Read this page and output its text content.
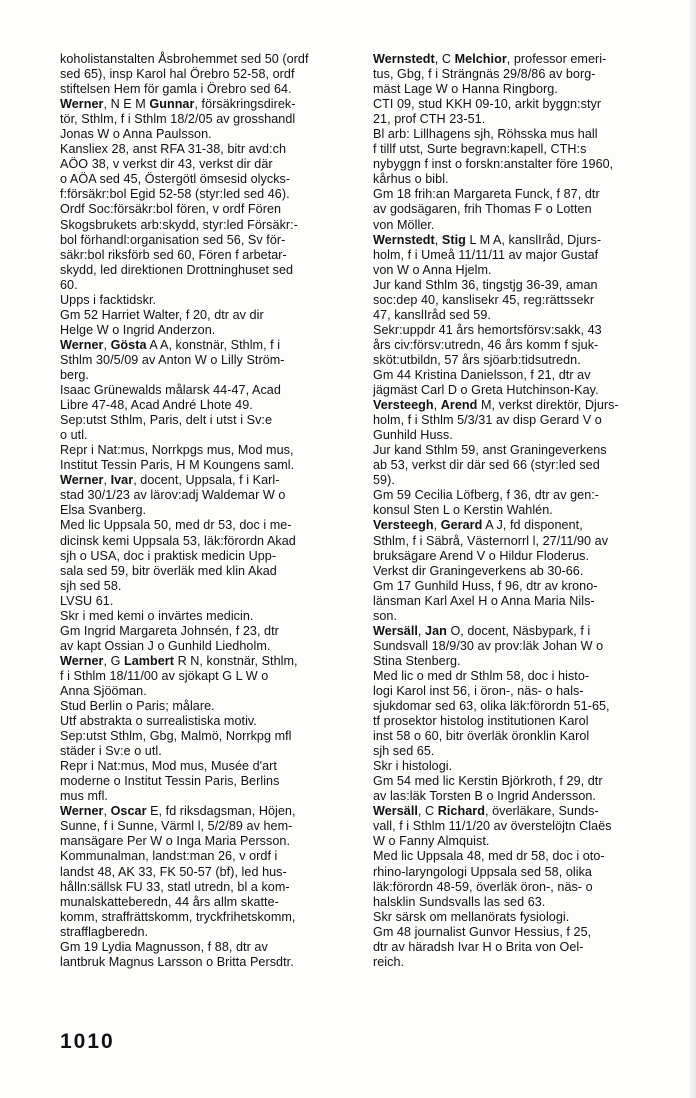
koholistanstalten Åsbrohemmet sed 50 (ordf
sed 65), insp Karol hal Örebro 52-58, ordf
stiftelsen Hem för gamla i Örebro sed 64.
Werner, N E M Gunnar, försäkringsdirek-
tör, Sthlm, f i Sthlm 18/2/05 av grosshandl
Jonas W o Anna Paulsson.
Kansliex 28, anst RFA 31-38, bitr avd:ch
AÖO 38, v verkst dir 43, verkst dir där
o AÖA sed 45, Östergötl ömsesid olycks-
f:försäkr:bol Egid 52-58 (styr:led sed 46).
Ordf Soc:försäkr:bol fören, v ordf Fören
Skogsbrukets arb:skydd, styr:led Försäkr:-
bol förhandl:organisation sed 56, Sv för-
säkr:bol riksförb sed 60, Fören f arbetar-
skydd, led direktionen Drottninghuset sed
60.
Upps i facktidskr.
Gm 52 Harriet Walter, f 20, dtr av dir
Helge W o Ingrid Anderzon.
Werner, Gösta A A, konstnär, Sthlm, f i
Sthlm 30/5/09 av Anton W o Lilly Ström-
berg.
Isaac Grünewalds målarsk 44-47, Acad
Libre 47-48, Acad André Lhote 49.
Sep:utst Sthlm, Paris, delt i utst i Sv:e
o utl.
Repr i Nat:mus, Norrkpgs mus, Mod mus,
Institut Tessin Paris, H M Koungens saml.
Werner, Ivar, docent, Uppsala, f i Karl-
stad 30/1/23 av lärov:adj Waldemar W o
Elsa Svanberg.
Med lic Uppsala 50, med dr 53, doc i me-
dicinsk kemi Uppsala 53, läk:förordn Akad
sjh o USA, doc i praktisk medicin Upp-
sala sed 59, bitr överläk med klin Akad
sjh sed 58.
LVSU 61.
Skr i med kemi o invärtes medicin.
Gm Ingrid Margareta Johnsén, f 23, dtr
av kapt Ossian J o Gunhild Liedholm.
Werner, G Lambert R N, konstnär, Sthlm,
f i Sthlm 18/11/00 av sjökapt G L W o
Anna Sjööman.
Stud Berlin o Paris; målare.
Utf abstrakta o surrealistiska motiv.
Sep:utst Sthlm, Gbg, Malmö, Norrkpg mfl
städer i Sv:e o utl.
Repr i Nat:mus, Mod mus, Musée d'art
moderne o Institut Tessin Paris, Berlins
mus mfl.
Werner, Oscar E, fd riksdagsman, Höjen,
Sunne, f i Sunne, Värml l, 5/2/89 av hem-
mansägare Per W o Inga Maria Persson.
Kommunalman, landst:man 26, v ordf i
landst 48, AK 33, FK 50-57 (bf), led hus-
hålln:sällsk FU 33, statl utredn, bl a kom-
munalskatteberedn, 44 års allm skatte-
komm, straffrättskomm, tryckfrihetskomm,
strafflagberedn.
Gm 19 Lydia Magnusson, f 88, dtr av
lantbruk Magnus Larsson o Britta Persdtr.
Wernstedt, C Melchior, professor emeri-
tus, Gbg, f i Strängnäs 29/8/86 av borg-
mäst Lage W o Hanna Ringborg.
CTI 09, stud KKH 09-10, arkit byggn:styr
21, prof CTH 23-51.
Bl arb: Lillhagens sjh, Röhsska mus hall
f tillf utst, Surte begravn:kapell, CTH:s
nybyggn f inst o forskn:anstalter före 1960,
kårhus o bibl.
Gm 18 frih:an Margareta Funck, f 87, dtr
av godsägaren, frih Thomas F o Lotten
von Möller.
Wernstedt, Stig L M A, kanslIråd, Djurs-
holm, f i Umeå 11/11/11 av major Gustaf
von W o Anna Hjelm.
Jur kand Sthlm 36, tingstjg 36-39, aman
soc:dep 40, kanslisekr 45, reg:rättssekr
47, kanslIråd sed 59.
Sekr:uppdr 41 års hemortsförsv:sakk, 43
års civ:försv:utredn, 46 års komm f sjuk-
sköt:utbildn, 57 års sjöarb:tidsutredn.
Gm 44 Kristina Danielsson, f 21, dtr av
jägmäst Carl D o Greta Hutchinson-Kay.
Versteegh, Arend M, verkst direktör, Djurs-
holm, f i Sthlm 5/3/31 av disp Gerard V o
Gunhild Huss.
Jur kand Sthlm 59, anst Graningeverkens
ab 53, verkst dir där sed 66 (styr:led sed
59).
Gm 59 Cecilia Löfberg, f 36, dtr av gen:-
konsul Sten L o Kerstin Wahlén.
Versteegh, Gerard A J, fd disponent,
Sthlm, f i Säbrå, Västernorrl l, 27/11/90 av
bruksägare Arend V o Hildur Floderus.
Verkst dir Graningeverkens ab 30-66.
Gm 17 Gunhild Huss, f 96, dtr av krono-
länsman Karl Axel H o Anna Maria Nils-
son.
Wersäll, Jan O, docent, Näsbypark, f i
Sundsvall 18/9/30 av prov:läk Johan W o
Stina Stenberg.
Med lic o med dr Sthlm 58, doc i histo-
logi Karol inst 56, i öron-, näs- o hals-
sjukdomar sed 63, olika läk:förordn 51-65,
tf prosektor histolog institutionen Karol
inst 58 o 60, bitr överläk öronklin Karol
sjh sed 65.
Skr i histologi.
Gm 54 med lic Kerstin Björkroth, f 29, dtr
av las:läk Torsten B o Ingrid Andersson.
Wersäll, C Richard, överläkare, Sunds-
vall, f i Sthlm 11/1/20 av överstelöjtn Claës
W o Fanny Almquist.
Med lic Uppsala 48, med dr 58, doc i oto-
rhino-laryngologi Uppsala sed 58, olika
läk:förordn 48-59, överläk öron-, näs- o
halsklin Sundsvalls las sed 63.
Skr särsk om mellanörats fysiologi.
Gm 48 journalist Gunvor Hessius, f 25,
dtr av häradsh Ivar H o Brita von Oel-
reich.
1010
